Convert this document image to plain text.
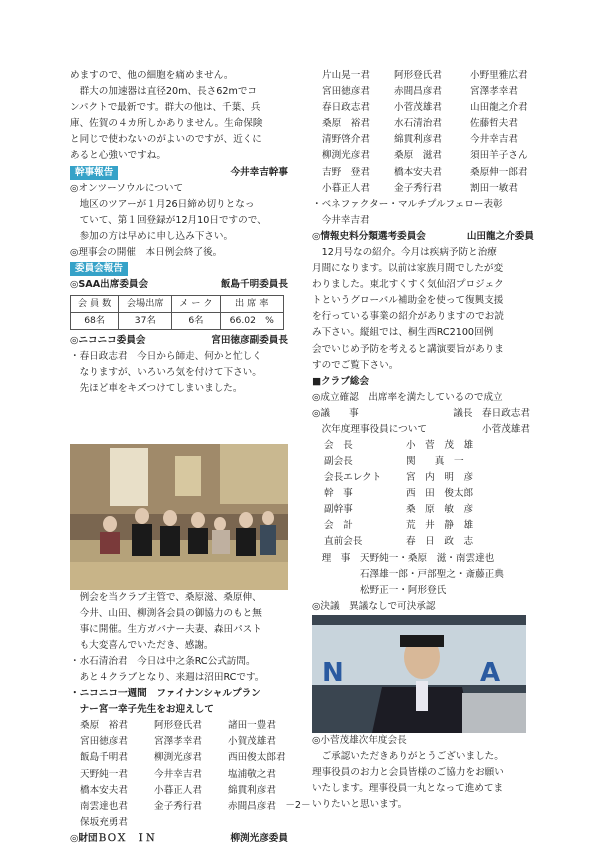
めますので、他の細胞を痛めません。
　群大の加速器は直径20m、長さ62mでコ
ンパクトで最新です。群大の他は、千葉、兵
庫、佐賀の４カ所しかありません。生命保険
と同じで使わないのがよいのですが、近くに
あると心強いですね。
幹事報告	今井幸吉幹事
◎オンツーソウルについて
　地区のツアーが１月26日締め切りとなっ
　ていて、第１回登録が12月10日ですので、
　参加の方は早めに申し込み下さい。
◎理事会の開催　本日例会終了後。
委員会報告
◎SAA出席委員会	飯島千明委員長
会 員 数	会場出席	メ ー ク	出 席 率
68名	37名	6名	66.02　%
◎ニコニコ委員会	宮田徳彦副委員長
・春日政志君　今日から師走、何かと忙しく
　なりますが、いろいろ気を付けて下さい。
　先ほど車をキズつけてしまいました。
　例会を当クラブ主管で、桑原滋、桑原伸、
　今井、山田、柳渕各会員の御協力のもと無
　事に開催。生方ガバナー夫妻、森田パスト
　も大変喜んでいただき、感謝。
・水石清治君　今日は中之条RC公式訪問。
　あと４クラブとなり、来週は沼田RCです。
・ニコニコ一週間　ファイナンシャルプラン
　ナー宮一幸子先生をお迎えして
桑原　裕君	阿形登氏君	諸田一豊君
宮田徳彦君	宮澤孝幸君	小賀茂雄君
飯島千明君	柳渕光彦君	西田俊太郎君
天野純一君	今井幸吉君	塩浦敬之君
橋本安夫君	小暮正人君	綿貫利彦君
南雲達也君	金子秀行君	赤間昌彦君
保坂充勇君
◎財団ＢＯＸ　ＩＮ	柳渕光彦委員
片山晃一君	阿形登氏君	小野里雅広君
宮田徳彦君	赤間昌彦君	宮澤孝幸君
春日政志君	小菅茂雄君	山田龍之介君
桑原　裕君	水石清治君	佐藤哲夫君
清野啓介君	綿貫利彦君	今井幸吉君
柳渕光彦君	桑原　滋君	須田羊子さん
吉野　登君	橋本安夫君	桑原伸一郎君
小暮正人君	金子秀行君	割田一敏君
・ベネファクター・マルチプルフェロー表彰
　今井幸吉君
◎情報史料分類選考委員会	山田龍之介委員
　12月号なの紹介。今月は疾病予防と治療
月間になります。以前は家族月間でしたが変
わりました。東北すくすく気仙沼プロジェク
トというグローバル補助金を使って復興支援
を行っている事業の紹介がありますのでお読
み下さい。縦組では、桐生西RC2100回例
会でいじめ予防を考えると講演要旨がありま
すのでご覧下さい。
■クラブ総会
◎成立確認　出席率を満たしているので成立
◎議　　事	議長　春日政志君
　次年度理事役員について	小菅茂雄君
会　長	小　菅　茂　雄
副会長	関　　真　一
会長エレクト	宮　内　明　彦
幹　事	西　田　俊太郎
副幹事	桑　原　敏　彦
会　計	荒　井　静　雄
直前会長	春　日　政　志
　理　事　天野純一・桑原　滋・南雲達也
　　　　　石澤雄一郎・戸部聖之・斎藤正典
　　　　　松野正一・阿形登氏
◎決議　異議なしで可決承認
N	A
◎小菅茂雄次年度会長
　ご承認いただきありがとうございました。
理事役員のお力と会員皆様のご協力をお願い
いたします。理事役員一丸となって進めてま
いりたいと思います。
－2－
